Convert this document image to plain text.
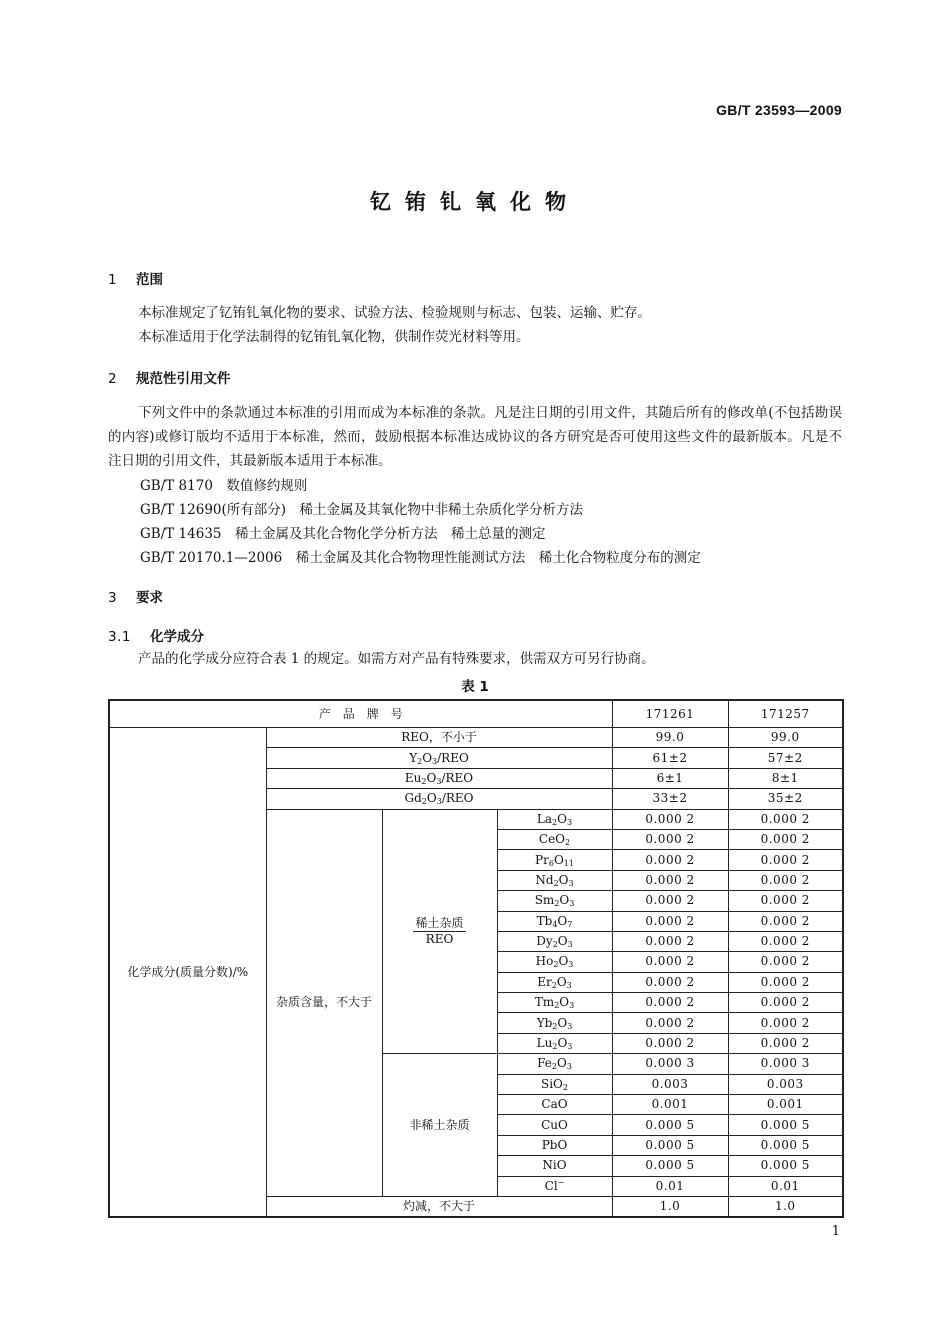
GB/T 23593—2009
钇铕钆氧化物
1 范围
本标准规定了钇铕钆氧化物的要求、试验方法、检验规则与标志、包装、运输、贮存。
本标准适用于化学法制得的钇铕钆氧化物，供制作荧光材料等用。
2 规范性引用文件
下列文件中的条款通过本标准的引用而成为本标准的条款。凡是注日期的引用文件，其随后所有的修改单(不包括勘误的内容)或修订版均不适用于本标准，然而，鼓励根据本标准达成协议的各方研究是否可使用这些文件的最新版本。凡是不注日期的引用文件，其最新版本适用于本标准。
GB/T 8170　 数值修约规则
GB/T 12690(所有部分)　 稀土金属及其氧化物中非稀土杂质化学分析方法
GB/T 14635　 稀土金属及其化合物化学分析方法　稀土总量的测定
GB/T 20170.1—2006　 稀土金属及其化合物物理性能测试方法　稀土化合物粒度分布的测定
3 要求
3.1 化学成分
产品的化学成分应符合表 1 的规定。如需方对产品有特殊要求，供需双方可另行协商。
表 1
产　品　牌　号				171261	171257
化学成分(质量分数)/%	REO，不小于			99.0	99.0
	$Y_2O_3$/REO			61±2	57±2
	$Eu_2O_3$/REO			6±1	8±1
	$Gd_2O_3$/REO			33±2	35±2
	杂质含量，不大于	$\frac{\text{稀土杂质}}{\text{REO}}$	$La_2O_3$	0.000 2	0.000 2
			CeO$_2$	0.000 2	0.000 2
			$Pr_6O_{11}$	0.000 2	0.000 2
			$Nd_2O_3$	0.000 2	0.000 2
			$Sm_2O_3$	0.000 2	0.000 2
			$Tb_4O_7$	0.000 2	0.000 2
			$Dy_2O_3$	0.000 2	0.000 2
			$Ho_2O_3$	0.000 2	0.000 2
			$Er_2O_3$	0.000 2	0.000 2
			$Tm_2O_3$	0.000 2	0.000 2
			$Yb_2O_3$	0.000 2	0.000 2
			$Lu_2O_3$	0.000 2	0.000 2
		非稀土杂质	$Fe_2O_3$	0.000 3	0.000 3
			SiO$_2$	0.003	0.003
			CaO	0.001	0.001
			CuO	0.000 5	0.000 5
			PbO	0.000 5	0.000 5
			NiO	0.000 5	0.000 5
			Cl−	0.01	0.01
	灼减，不大于			1.0	1.0
1
